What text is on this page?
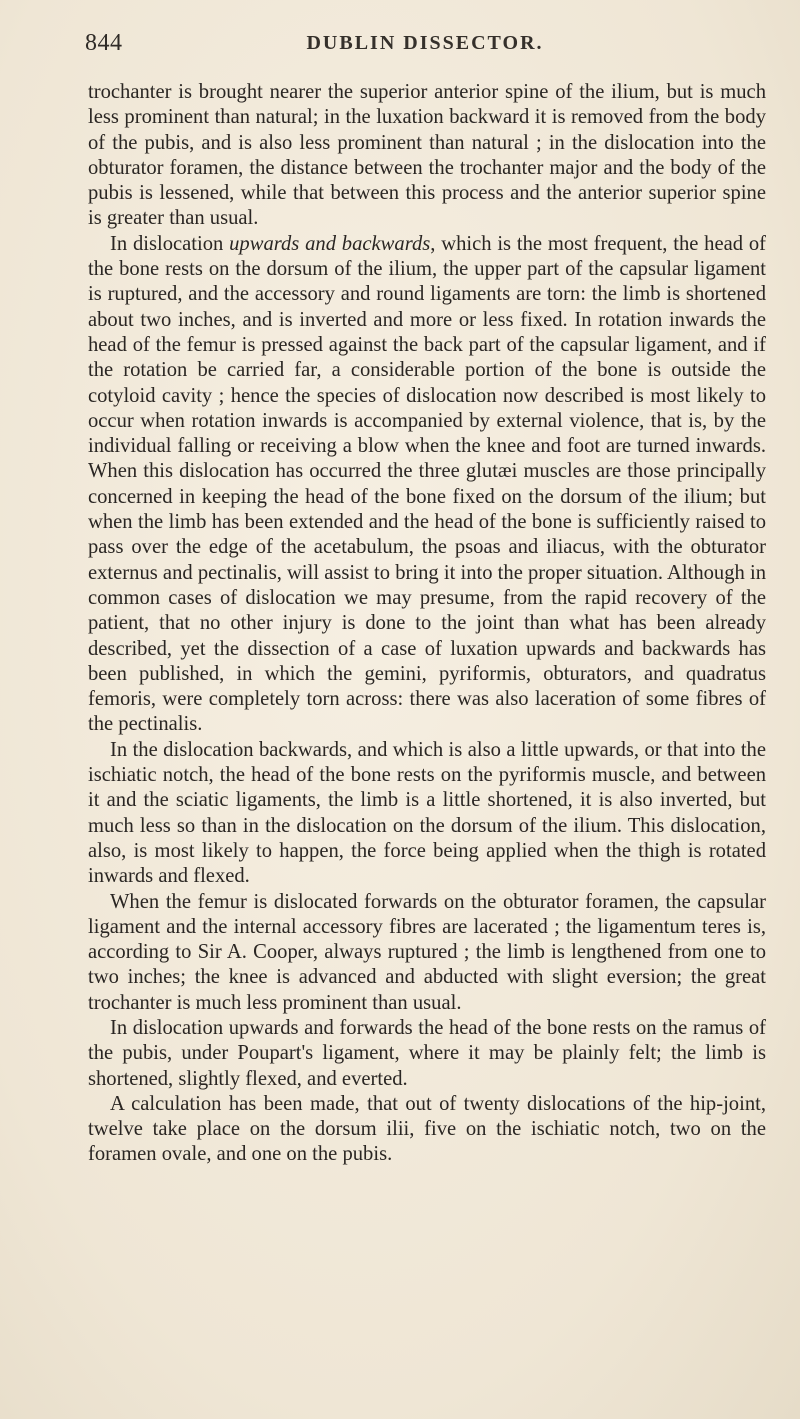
844	DUBLIN DISSECTOR.

trochanter is brought nearer the superior anterior spine of the ilium, but is much less prominent than natural; in the luxation backward it is removed from the body of the pubis, and is also less prominent than natural ; in the dislocation into the obturator foramen, the distance between the trochanter major and the body of the pubis is lessened, while that between this process and the anterior superior spine is greater than usual.

In dislocation upwards and backwards, which is the most frequent, the head of the bone rests on the dorsum of the ilium, the upper part of the capsular ligament is ruptured, and the accessory and round ligaments are torn: the limb is shortened about two inches, and is inverted and more or less fixed. In rotation inwards the head of the femur is pressed against the back part of the capsular ligament, and if the rotation be carried far, a considerable portion of the bone is outside the cotyloid cavity ; hence the species of dislocation now described is most likely to occur when rotation inwards is accompanied by external violence, that is, by the individual falling or receiving a blow when the knee and foot are turned inwards. When this dislocation has occurred the three glutæi muscles are those principally concerned in keeping the head of the bone fixed on the dorsum of the ilium; but when the limb has been extended and the head of the bone is sufficiently raised to pass over the edge of the acetabulum, the psoas and iliacus, with the obturator externus and pectinalis, will assist to bring it into the proper situation. Although in common cases of dislocation we may presume, from the rapid recovery of the patient, that no other injury is done to the joint than what has been already described, yet the dissection of a case of luxation upwards and backwards has been published, in which the gemini, pyriformis, obturators, and quadratus femoris, were completely torn across: there was also laceration of some fibres of the pectinalis.

In the dislocation backwards, and which is also a little upwards, or that into the ischiatic notch, the head of the bone rests on the pyriformis muscle, and between it and the sciatic ligaments, the limb is a little shortened, it is also inverted, but much less so than in the dislocation on the dorsum of the ilium. This dislocation, also, is most likely to happen, the force being applied when the thigh is rotated inwards and flexed.

When the femur is dislocated forwards on the obturator foramen, the capsular ligament and the internal accessory fibres are lacerated ; the ligamentum teres is, according to Sir A. Cooper, always ruptured ; the limb is lengthened from one to two inches; the knee is advanced and abducted with slight eversion; the great trochanter is much less prominent than usual.

In dislocation upwards and forwards the head of the bone rests on the ramus of the pubis, under Poupart's ligament, where it may be plainly felt; the limb is shortened, slightly flexed, and everted.

A calculation has been made, that out of twenty dislocations of the hip-joint, twelve take place on the dorsum ilii, five on the ischiatic notch, two on the foramen ovale, and one on the pubis.
